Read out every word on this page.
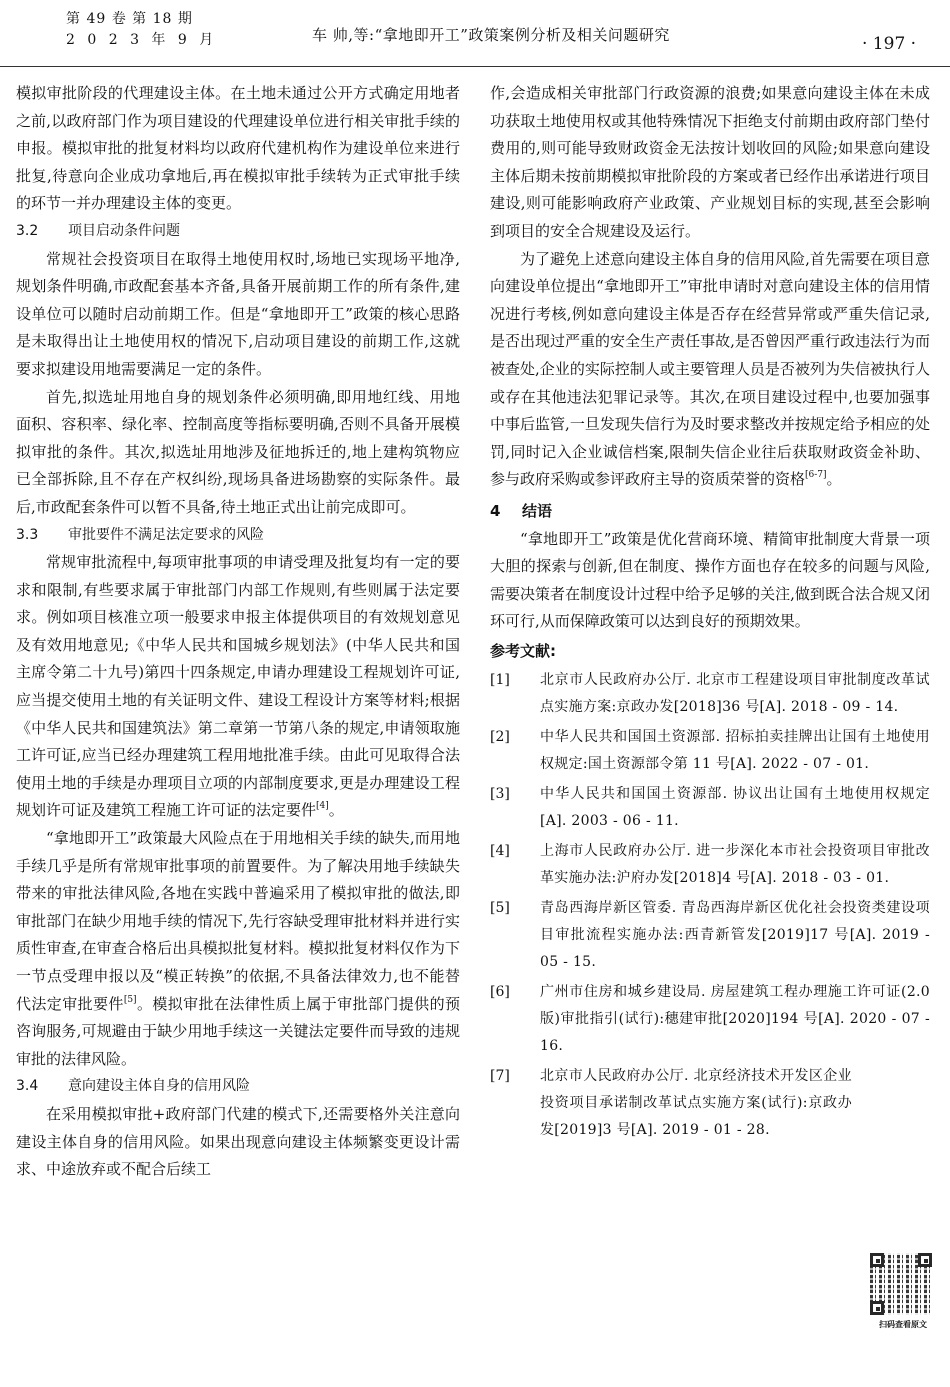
第 49 卷 第 18 期
2 0 2 3 年 9 月	车 帅,等:“拿地即开工”政策案例分析及相关问题研究	· 197 ·

模拟审批阶段的代理建设主体。在土地未通过公开方式确定用地者之前,以政府部门作为项目建设的代理建设单位进行相关审批手续的申报。模拟审批的批复材料均以政府代建机构作为建设单位来进行批复,待意向企业成功拿地后,再在模拟审批手续转为正式审批手续的环节一并办理建设主体的变更。

3.2 项目启动条件问题

常规社会投资项目在取得土地使用权时,场地已实现场平地净,规划条件明确,市政配套基本齐备,具备开展前期工作的所有条件,建设单位可以随时启动前期工作。但是“拿地即开工”政策的核心思路是未取得出让土地使用权的情况下,启动项目建设的前期工作,这就要求拟建设用地需要满足一定的条件。

首先,拟选址用地自身的规划条件必须明确,即用地红线、用地面积、容积率、绿化率、控制高度等指标要明确,否则不具备开展模拟审批的条件。其次,拟选址用地涉及征地拆迁的,地上建构筑物应已全部拆除,且不存在产权纠纷,现场具备进场勘察的实际条件。最后,市政配套条件可以暂不具备,待土地正式出让前完成即可。

3.3 审批要件不满足法定要求的风险

常规审批流程中,每项审批事项的申请受理及批复均有一定的要求和限制,有些要求属于审批部门内部工作规则,有些则属于法定要求。例如项目核准立项一般要求申报主体提供项目的有效规划意见及有效用地意见;《中华人民共和国城乡规划法》(中华人民共和国主席令第二十九号)第四十四条规定,申请办理建设工程规划许可证,应当提交使用土地的有关证明文件、建设工程设计方案等材料;根据《中华人民共和国建筑法》第二章第一节第八条的规定,申请领取施工许可证,应当已经办理建筑工程用地批准手续。由此可见取得合法使用土地的手续是办理项目立项的内部制度要求,更是办理建设工程规划许可证及建筑工程施工许可证的法定要件[4]。

“拿地即开工”政策最大风险点在于用地相关手续的缺失,而用地手续几乎是所有常规审批事项的前置要件。为了解决用地手续缺失带来的审批法律风险,各地在实践中普遍采用了模拟审批的做法,即审批部门在缺少用地手续的情况下,先行容缺受理审批材料并进行实质性审查,在审查合格后出具模拟批复材料。模拟批复材料仅作为下一节点受理申报以及“模正转换”的依据,不具备法律效力,也不能替代法定审批要件[5]。模拟审批在法律性质上属于审批部门提供的预咨询服务,可规避由于缺少用地手续这一关键法定要件而导致的违规审批的法律风险。

3.4 意向建设主体自身的信用风险

在采用模拟审批+政府部门代建的模式下,还需要格外关注意向建设主体自身的信用风险。如果出现意向建设主体频繁变更设计需求、中途放弃或不配合后续工

作,会造成相关审批部门行政资源的浪费;如果意向建设主体在未成功获取土地使用权或其他特殊情况下拒绝支付前期由政府部门垫付费用的,则可能导致财政资金无法按计划收回的风险;如果意向建设主体后期未按前期模拟审批阶段的方案或者已经作出承诺进行项目建设,则可能影响政府产业政策、产业规划目标的实现,甚至会影响到项目的安全合规建设及运行。

为了避免上述意向建设主体自身的信用风险,首先需要在项目意向建设单位提出“拿地即开工”审批申请时对意向建设主体的信用情况进行考核,例如意向建设主体是否存在经营异常或严重失信记录,是否出现过严重的安全生产责任事故,是否曾因严重行政违法行为而被查处,企业的实际控制人或主要管理人员是否被列为失信被执行人或存在其他违法犯罪记录等。其次,在项目建设过程中,也要加强事中事后监管,一旦发现失信行为及时要求整改并按规定给予相应的处罚,同时记入企业诚信档案,限制失信企业往后获取财政资金补助、参与政府采购或参评政府主导的资质荣誉的资格[6-7]。

4 结语

“拿地即开工”政策是优化营商环境、精简审批制度大背景一项大胆的探索与创新,但在制度、操作方面也存在较多的问题与风险,需要决策者在制度设计过程中给予足够的关注,做到既合法合规又闭环可行,从而保障政策可以达到良好的预期效果。

参考文献:
[1]	北京市人民政府办公厅. 北京市工程建设项目审批制度改革试点实施方案:京政办发[2018]36 号[A]. 2018 - 09 - 14.
[2]	中华人民共和国国土资源部. 招标拍卖挂牌出让国有土地使用权规定:国土资源部令第 11 号[A]. 2022 - 07 - 01.
[3]	中华人民共和国国土资源部. 协议出让国有土地使用权规定[A]. 2003 - 06 - 11.
[4]	上海市人民政府办公厅. 进一步深化本市社会投资项目审批改革实施办法:沪府办发[2018]4 号[A]. 2018 - 03 - 01.
[5]	青岛西海岸新区管委. 青岛西海岸新区优化社会投资类建设项目审批流程实施办法:西青新管发[2019]17 号[A]. 2019 - 05 - 15.
[6]	广州市住房和城乡建设局. 房屋建筑工程办理施工许可证(2.0 版)审批指引(试行):穗建审批[2020]194 号[A]. 2020 - 07 - 16.
[7]	北京市人民政府办公厅. 北京经济技术开发区企业投资项目承诺制改革试点实施方案(试行):京政办发[2019]3 号[A]. 2019 - 01 - 28.
扫码查看原文
